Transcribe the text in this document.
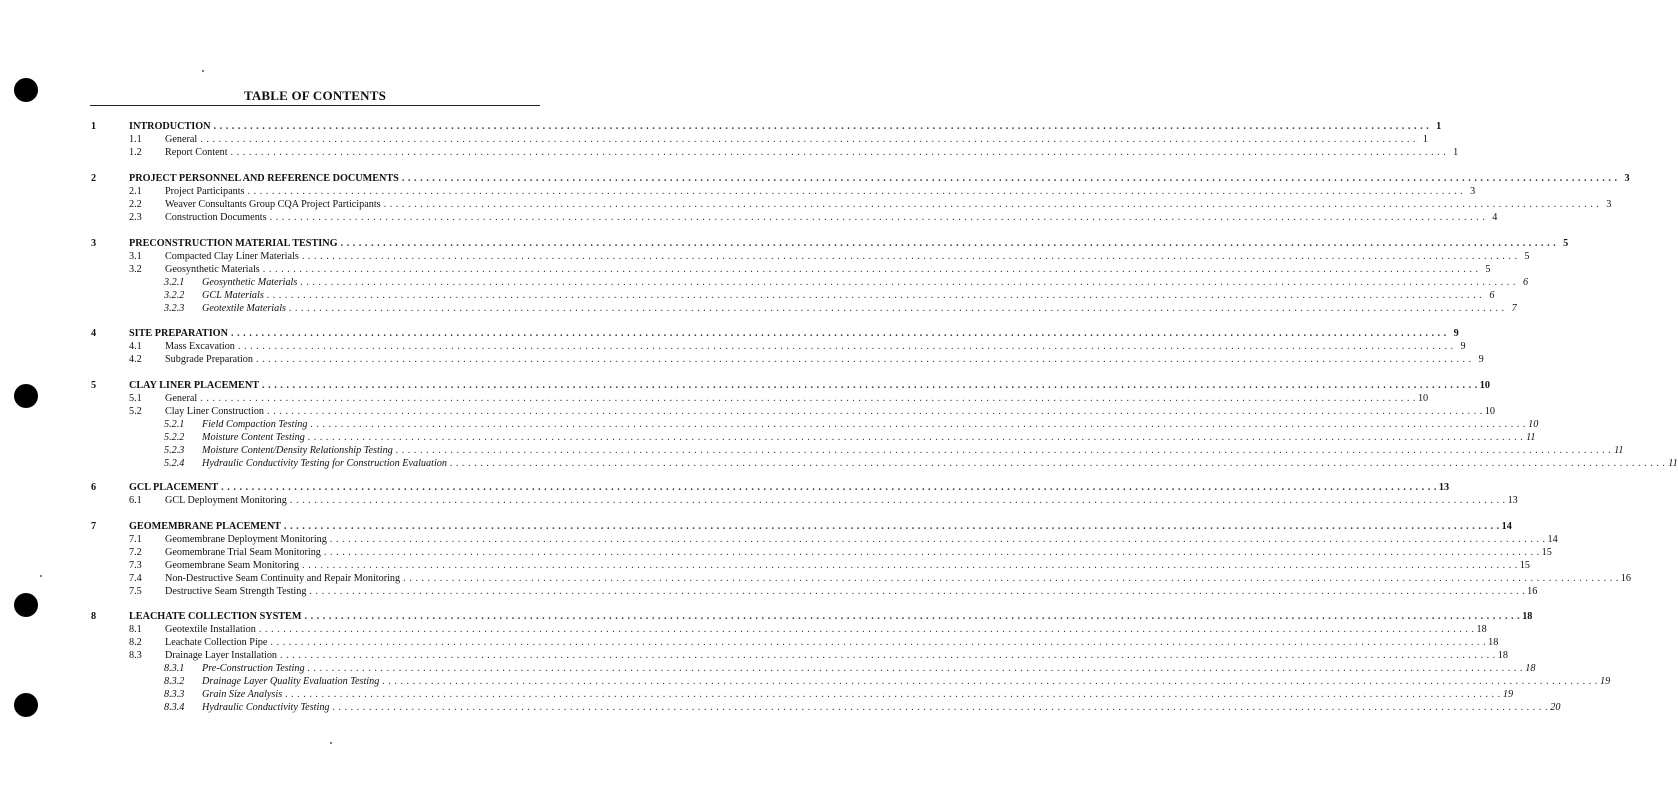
TABLE OF CONTENTS
1	INTRODUCTION . . . . . . . . . . . . . . . . . . . . . . . . . . . . . . . . . . . . . . . . . . . . . . . . . . . . . . . . . . . . . . . . . . . . . . . . . . . . . . . . . . . . . . . . . . . . . . . . . . . . . . . . . . . . . . . . . . . . . . . . . . . . . . . . . . . . . . . . . . . . . . . . . . . . . . . . . . . . . . . . . . . . . . . . . . . . . . . . . . . . . . . . . . . . . . . . . . . . . . . . 1
1.1	General . . . . . . . . . . . . . . . . . . . . . . . . . . . . . . . . . . . . . . . . . . . . . . . . . . . . . . . . . . . . . . . . . . . . . . . . . . . . . . . . . . . . . . . . . . . . . . . . . . . . . . . . . . . . . . . . . . . . . . . . . . . . . . . . . . . . . . . . . . . . . . . . . . . . . . . . . . . . . . . . . . . . . . . . . . . . . . . . . . . . . . . . . . . . . . . . . . . . . . . . 1
1.2	Report Content . . . . . . . . . . . . . . . . . . . . . . . . . . . . . . . . . . . . . . . . . . . . . . . . . . . . . . . . . . . . . . . . . . . . . . . . . . . . . . . . . . . . . . . . . . . . . . . . . . . . . . . . . . . . . . . . . . . . . . . . . . . . . . . . . . . . . . . . . . . . . . . . . . . . . . . . . . . . . . . . . . . . . . . . . . . . . . . . . . . . . . . . . . . . . . . . . . . . . . . . 1
2	PROJECT PERSONNEL AND REFERENCE DOCUMENTS . . . . . . . . . . . . . . . . . . . . . . . . . . . . . . . . . . . . . . . . . . . . . . . . . . . . . . . . . . . . . . . . . . . . . . . . . . . . . . . . . . . . . . . . . . . . . . . . . . . . . . . . . . . . . . . . . . . . . . . . . . . . . . . . . . . . . . . . . . . . . . . . . . . . . . . . . . . . . . . . . . . . . . . . . . . . . . . . . . . . . . . . . . . . . . . . . . . . . . . . 3
2.1	Project Participants . . . . . . . . . . . . . . . . . . . . . . . . . . . . . . . . . . . . . . . . . . . . . . . . . . . . . . . . . . . . . . . . . . . . . . . . . . . . . . . . . . . . . . . . . . . . . . . . . . . . . . . . . . . . . . . . . . . . . . . . . . . . . . . . . . . . . . . . . . . . . . . . . . . . . . . . . . . . . . . . . . . . . . . . . . . . . . . . . . . . . . . . . . . . . . . . . . . . . . . . 3
2.2	Weaver Consultants Group CQA Project Participants . . . . . . . . . . . . . . . . . . . . . . . . . . . . . . . . . . . . . . . . . . . . . . . . . . . . . . . . . . . . . . . . . . . . . . . . . . . . . . . . . . . . . . . . . . . . . . . . . . . . . . . . . . . . . . . . . . . . . . . . . . . . . . . . . . . . . . . . . . . . . . . . . . . . . . . . . . . . . . . . . . . . . . . . . . . . . . . . . . . . . . . . . . . . . . . . . . . . . . . . 3
2.3	Construction Documents . . . . . . . . . . . . . . . . . . . . . . . . . . . . . . . . . . . . . . . . . . . . . . . . . . . . . . . . . . . . . . . . . . . . . . . . . . . . . . . . . . . . . . . . . . . . . . . . . . . . . . . . . . . . . . . . . . . . . . . . . . . . . . . . . . . . . . . . . . . . . . . . . . . . . . . . . . . . . . . . . . . . . . . . . . . . . . . . . . . . . . . . . . . . . . . . . . . . . . . . 4
3	PRECONSTRUCTION MATERIAL TESTING . . . . . . . . . . . . . . . . . . . . . . . . . . . . . . . . . . . . . . . . . . . . . . . . . . . . . . . . . . . . . . . . . . . . . . . . . . . . . . . . . . . . . . . . . . . . . . . . . . . . . . . . . . . . . . . . . . . . . . . . . . . . . . . . . . . . . . . . . . . . . . . . . . . . . . . . . . . . . . . . . . . . . . . . . . . . . . . . . . . . . . . . . . . . . . . . . . . . . . . . 5
3.1	Compacted Clay Liner Materials . . . . . . . . . . . . . . . . . . . . . . . . . . . . . . . . . . . . . . . . . . . . . . . . . . . . . . . . . . . . . . . . . . . . . . . . . . . . . . . . . . . . . . . . . . . . . . . . . . . . . . . . . . . . . . . . . . . . . . . . . . . . . . . . . . . . . . . . . . . . . . . . . . . . . . . . . . . . . . . . . . . . . . . . . . . . . . . . . . . . . . . . . . . . . . . . . . . . . . . . 5
3.2	Geosynthetic Materials . . . . . . . . . . . . . . . . . . . . . . . . . . . . . . . . . . . . . . . . . . . . . . . . . . . . . . . . . . . . . . . . . . . . . . . . . . . . . . . . . . . . . . . . . . . . . . . . . . . . . . . . . . . . . . . . . . . . . . . . . . . . . . . . . . . . . . . . . . . . . . . . . . . . . . . . . . . . . . . . . . . . . . . . . . . . . . . . . . . . . . . . . . . . . . . . . . . . . . . . 5
3.2.1	Geosynthetic Materials . . . . . . . . . . . . . . . . . . . . . . . . . . . . . . . . . . . . . . . . . . . . . . . . . . . . . . . . . . . . . . . . . . . . . . . . . . . . . . . . . . . . . . . . . . . . . . . . . . . . . . . . . . . . . . . . . . . . . . . . . . . . . . . . . . . . . . . . . . . . . . . . . . . . . . . . . . . . . . . . . . . . . . . . . . . . . . . . . . . . . . . . . . . . . . . . . . . . . . . . 6
3.2.2	GCL Materials . . . . . . . . . . . . . . . . . . . . . . . . . . . . . . . . . . . . . . . . . . . . . . . . . . . . . . . . . . . . . . . . . . . . . . . . . . . . . . . . . . . . . . . . . . . . . . . . . . . . . . . . . . . . . . . . . . . . . . . . . . . . . . . . . . . . . . . . . . . . . . . . . . . . . . . . . . . . . . . . . . . . . . . . . . . . . . . . . . . . . . . . . . . . . . . . . . . . . . . . 6
3.2.3	Geotextile Materials . . . . . . . . . . . . . . . . . . . . . . . . . . . . . . . . . . . . . . . . . . . . . . . . . . . . . . . . . . . . . . . . . . . . . . . . . . . . . . . . . . . . . . . . . . . . . . . . . . . . . . . . . . . . . . . . . . . . . . . . . . . . . . . . . . . . . . . . . . . . . . . . . . . . . . . . . . . . . . . . . . . . . . . . . . . . . . . . . . . . . . . . . . . . . . . . . . . . . . . . 7
4	SITE PREPARATION . . . . . . . . . . . . . . . . . . . . . . . . . . . . . . . . . . . . . . . . . . . . . . . . . . . . . . . . . . . . . . . . . . . . . . . . . . . . . . . . . . . . . . . . . . . . . . . . . . . . . . . . . . . . . . . . . . . . . . . . . . . . . . . . . . . . . . . . . . . . . . . . . . . . . . . . . . . . . . . . . . . . . . . . . . . . . . . . . . . . . . . . . . . . . . . . . . . . . . . . 9
4.1	Mass Excavation . . . . . . . . . . . . . . . . . . . . . . . . . . . . . . . . . . . . . . . . . . . . . . . . . . . . . . . . . . . . . . . . . . . . . . . . . . . . . . . . . . . . . . . . . . . . . . . . . . . . . . . . . . . . . . . . . . . . . . . . . . . . . . . . . . . . . . . . . . . . . . . . . . . . . . . . . . . . . . . . . . . . . . . . . . . . . . . . . . . . . . . . . . . . . . . . . . . . . . . . 9
4.2	Subgrade Preparation . . . . . . . . . . . . . . . . . . . . . . . . . . . . . . . . . . . . . . . . . . . . . . . . . . . . . . . . . . . . . . . . . . . . . . . . . . . . . . . . . . . . . . . . . . . . . . . . . . . . . . . . . . . . . . . . . . . . . . . . . . . . . . . . . . . . . . . . . . . . . . . . . . . . . . . . . . . . . . . . . . . . . . . . . . . . . . . . . . . . . . . . . . . . . . . . . . . . . . . . 9
5	CLAY LINER PLACEMENT . . . . . . . . . . . . . . . . . . . . . . . . . . . . . . . . . . . . . . . . . . . . . . . . . . . . . . . . . . . . . . . . . . . . . . . . . . . . . . . . . . . . . . . . . . . . . . . . . . . . . . . . . . . . . . . . . . . . . . . . . . . . . . . . . . . . . . . . . . . . . . . . . . . . . . . . . . . . . . . . . . . . . . . . . . . . . . . . . . . . . . . . . . . . . . . . . . . . . . . . 10
5.1	General . . . . . . . . . . . . . . . . . . . . . . . . . . . . . . . . . . . . . . . . . . . . . . . . . . . . . . . . . . . . . . . . . . . . . . . . . . . . . . . . . . . . . . . . . . . . . . . . . . . . . . . . . . . . . . . . . . . . . . . . . . . . . . . . . . . . . . . . . . . . . . . . . . . . . . . . . . . . . . . . . . . . . . . . . . . . . . . . . . . . . . . . . . . . . . . . . . . . . . . . 10
5.2	Clay Liner Construction . . . . . . . . . . . . . . . . . . . . . . . . . . . . . . . . . . . . . . . . . . . . . . . . . . . . . . . . . . . . . . . . . . . . . . . . . . . . . . . . . . . . . . . . . . . . . . . . . . . . . . . . . . . . . . . . . . . . . . . . . . . . . . . . . . . . . . . . . . . . . . . . . . . . . . . . . . . . . . . . . . . . . . . . . . . . . . . . . . . . . . . . . . . . . . . . . . . . . . . . 10
5.2.1	Field Compaction Testing . . . . . . . . . . . . . . . . . . . . . . . . . . . . . . . . . . . . . . . . . . . . . . . . . . . . . . . . . . . . . . . . . . . . . . . . . . . . . . . . . . . . . . . . . . . . . . . . . . . . . . . . . . . . . . . . . . . . . . . . . . . . . . . . . . . . . . . . . . . . . . . . . . . . . . . . . . . . . . . . . . . . . . . . . . . . . . . . . . . . . . . . . . . . . . . . . . . . . . . . 10
5.2.2	Moisture Content Testing . . . . . . . . . . . . . . . . . . . . . . . . . . . . . . . . . . . . . . . . . . . . . . . . . . . . . . . . . . . . . . . . . . . . . . . . . . . . . . . . . . . . . . . . . . . . . . . . . . . . . . . . . . . . . . . . . . . . . . . . . . . . . . . . . . . . . . . . . . . . . . . . . . . . . . . . . . . . . . . . . . . . . . . . . . . . . . . . . . . . . . . . . . . . . . . . . . . . . . . . 11
5.2.3	Moisture Content/Density Relationship Testing . . . . . . . . . . . . . . . . . . . . . . . . . . . . . . . . . . . . . . . . . . . . . . . . . . . . . . . . . . . . . . . . . . . . . . . . . . . . . . . . . . . . . . . . . . . . . . . . . . . . . . . . . . . . . . . . . . . . . . . . . . . . . . . . . . . . . . . . . . . . . . . . . . . . . . . . . . . . . . . . . . . . . . . . . . . . . . . . . . . . . . . . . . . . . . . . . . . . . . . . 11
5.2.4	Hydraulic Conductivity Testing for Construction Evaluation . . . . . . . . . . . . . . . . . . . . . . . . . . . . . . . . . . . . . . . . . . . . . . . . . . . . . . . . . . . . . . . . . . . . . . . . . . . . . . . . . . . . . . . . . . . . . . . . . . . . . . . . . . . . . . . . . . . . . . . . . . . . . . . . . . . . . . . . . . . . . . . . . . . . . . . . . . . . . . . . . . . . . . . . . . . . . . . . . . . . . . . . . . . . . . . . . . . . . . . . 11
6	GCL PLACEMENT . . . . . . . . . . . . . . . . . . . . . . . . . . . . . . . . . . . . . . . . . . . . . . . . . . . . . . . . . . . . . . . . . . . . . . . . . . . . . . . . . . . . . . . . . . . . . . . . . . . . . . . . . . . . . . . . . . . . . . . . . . . . . . . . . . . . . . . . . . . . . . . . . . . . . . . . . . . . . . . . . . . . . . . . . . . . . . . . . . . . . . . . . . . . . . . . . . . . . . . . 13
6.1	GCL Deployment Monitoring . . . . . . . . . . . . . . . . . . . . . . . . . . . . . . . . . . . . . . . . . . . . . . . . . . . . . . . . . . . . . . . . . . . . . . . . . . . . . . . . . . . . . . . . . . . . . . . . . . . . . . . . . . . . . . . . . . . . . . . . . . . . . . . . . . . . . . . . . . . . . . . . . . . . . . . . . . . . . . . . . . . . . . . . . . . . . . . . . . . . . . . . . . . . . . . . . . . . . . . . 13
7	GEOMEMBRANE PLACEMENT . . . . . . . . . . . . . . . . . . . . . . . . . . . . . . . . . . . . . . . . . . . . . . . . . . . . . . . . . . . . . . . . . . . . . . . . . . . . . . . . . . . . . . . . . . . . . . . . . . . . . . . . . . . . . . . . . . . . . . . . . . . . . . . . . . . . . . . . . . . . . . . . . . . . . . . . . . . . . . . . . . . . . . . . . . . . . . . . . . . . . . . . . . . . . . . . . . . . . . . . 14
7.1	Geomembrane Deployment Monitoring . . . . . . . . . . . . . . . . . . . . . . . . . . . . . . . . . . . . . . . . . . . . . . . . . . . . . . . . . . . . . . . . . . . . . . . . . . . . . . . . . . . . . . . . . . . . . . . . . . . . . . . . . . . . . . . . . . . . . . . . . . . . . . . . . . . . . . . . . . . . . . . . . . . . . . . . . . . . . . . . . . . . . . . . . . . . . . . . . . . . . . . . . . . . . . . . . . . . . . . . 14
7.2	Geomembrane Trial Seam Monitoring . . . . . . . . . . . . . . . . . . . . . . . . . . . . . . . . . . . . . . . . . . . . . . . . . . . . . . . . . . . . . . . . . . . . . . . . . . . . . . . . . . . . . . . . . . . . . . . . . . . . . . . . . . . . . . . . . . . . . . . . . . . . . . . . . . . . . . . . . . . . . . . . . . . . . . . . . . . . . . . . . . . . . . . . . . . . . . . . . . . . . . . . . . . . . . . . . . . . . . . . 15
7.3	Geomembrane Seam Monitoring . . . . . . . . . . . . . . . . . . . . . . . . . . . . . . . . . . . . . . . . . . . . . . . . . . . . . . . . . . . . . . . . . . . . . . . . . . . . . . . . . . . . . . . . . . . . . . . . . . . . . . . . . . . . . . . . . . . . . . . . . . . . . . . . . . . . . . . . . . . . . . . . . . . . . . . . . . . . . . . . . . . . . . . . . . . . . . . . . . . . . . . . . . . . . . . . . . . . . . . . 15
7.4	Non-Destructive Seam Continuity and Repair Monitoring . . . . . . . . . . . . . . . . . . . . . . . . . . . . . . . . . . . . . . . . . . . . . . . . . . . . . . . . . . . . . . . . . . . . . . . . . . . . . . . . . . . . . . . . . . . . . . . . . . . . . . . . . . . . . . . . . . . . . . . . . . . . . . . . . . . . . . . . . . . . . . . . . . . . . . . . . . . . . . . . . . . . . . . . . . . . . . . . . . . . . . . . . . . . . . . . . . . . . . . . 16
7.5	Destructive Seam Strength Testing . . . . . . . . . . . . . . . . . . . . . . . . . . . . . . . . . . . . . . . . . . . . . . . . . . . . . . . . . . . . . . . . . . . . . . . . . . . . . . . . . . . . . . . . . . . . . . . . . . . . . . . . . . . . . . . . . . . . . . . . . . . . . . . . . . . . . . . . . . . . . . . . . . . . . . . . . . . . . . . . . . . . . . . . . . . . . . . . . . . . . . . . . . . . . . . . . . . . . . . . 16
8	LEACHATE COLLECTION SYSTEM . . . . . . . . . . . . . . . . . . . . . . . . . . . . . . . . . . . . . . . . . . . . . . . . . . . . . . . . . . . . . . . . . . . . . . . . . . . . . . . . . . . . . . . . . . . . . . . . . . . . . . . . . . . . . . . . . . . . . . . . . . . . . . . . . . . . . . . . . . . . . . . . . . . . . . . . . . . . . . . . . . . . . . . . . . . . . . . . . . . . . . . . . . . . . . . . . . . . . . . . 18
8.1	Geotextile Installation . . . . . . . . . . . . . . . . . . . . . . . . . . . . . . . . . . . . . . . . . . . . . . . . . . . . . . . . . . . . . . . . . . . . . . . . . . . . . . . . . . . . . . . . . . . . . . . . . . . . . . . . . . . . . . . . . . . . . . . . . . . . . . . . . . . . . . . . . . . . . . . . . . . . . . . . . . . . . . . . . . . . . . . . . . . . . . . . . . . . . . . . . . . . . . . . . . . . . . . . 18
8.2	Leachate Collection Pipe . . . . . . . . . . . . . . . . . . . . . . . . . . . . . . . . . . . . . . . . . . . . . . . . . . . . . . . . . . . . . . . . . . . . . . . . . . . . . . . . . . . . . . . . . . . . . . . . . . . . . . . . . . . . . . . . . . . . . . . . . . . . . . . . . . . . . . . . . . . . . . . . . . . . . . . . . . . . . . . . . . . . . . . . . . . . . . . . . . . . . . . . . . . . . . . . . . . . . . . . 18
8.3	Drainage Layer Installation . . . . . . . . . . . . . . . . . . . . . . . . . . . . . . . . . . . . . . . . . . . . . . . . . . . . . . . . . . . . . . . . . . . . . . . . . . . . . . . . . . . . . . . . . . . . . . . . . . . . . . . . . . . . . . . . . . . . . . . . . . . . . . . . . . . . . . . . . . . . . . . . . . . . . . . . . . . . . . . . . . . . . . . . . . . . . . . . . . . . . . . . . . . . . . . . . . . . . . . . 18
8.3.1	Pre-Construction Testing . . . . . . . . . . . . . . . . . . . . . . . . . . . . . . . . . . . . . . . . . . . . . . . . . . . . . . . . . . . . . . . . . . . . . . . . . . . . . . . . . . . . . . . . . . . . . . . . . . . . . . . . . . . . . . . . . . . . . . . . . . . . . . . . . . . . . . . . . . . . . . . . . . . . . . . . . . . . . . . . . . . . . . . . . . . . . . . . . . . . . . . . . . . . . . . . . . . . . . . . 18
8.3.2	Drainage Layer Quality Evaluation Testing . . . . . . . . . . . . . . . . . . . . . . . . . . . . . . . . . . . . . . . . . . . . . . . . . . . . . . . . . . . . . . . . . . . . . . . . . . . . . . . . . . . . . . . . . . . . . . . . . . . . . . . . . . . . . . . . . . . . . . . . . . . . . . . . . . . . . . . . . . . . . . . . . . . . . . . . . . . . . . . . . . . . . . . . . . . . . . . . . . . . . . . . . . . . . . . . . . . . . . . . 19
8.3.3	Grain Size Analysis . . . . . . . . . . . . . . . . . . . . . . . . . . . . . . . . . . . . . . . . . . . . . . . . . . . . . . . . . . . . . . . . . . . . . . . . . . . . . . . . . . . . . . . . . . . . . . . . . . . . . . . . . . . . . . . . . . . . . . . . . . . . . . . . . . . . . . . . . . . . . . . . . . . . . . . . . . . . . . . . . . . . . . . . . . . . . . . . . . . . . . . . . . . . . . . . . . . . . . . . 19
8.3.4	Hydraulic Conductivity Testing . . . . . . . . . . . . . . . . . . . . . . . . . . . . . . . . . . . . . . . . . . . . . . . . . . . . . . . . . . . . . . . . . . . . . . . . . . . . . . . . . . . . . . . . . . . . . . . . . . . . . . . . . . . . . . . . . . . . . . . . . . . . . . . . . . . . . . . . . . . . . . . . . . . . . . . . . . . . . . . . . . . . . . . . . . . . . . . . . . . . . . . . . . . . . . . . . . . . . . . . 20
